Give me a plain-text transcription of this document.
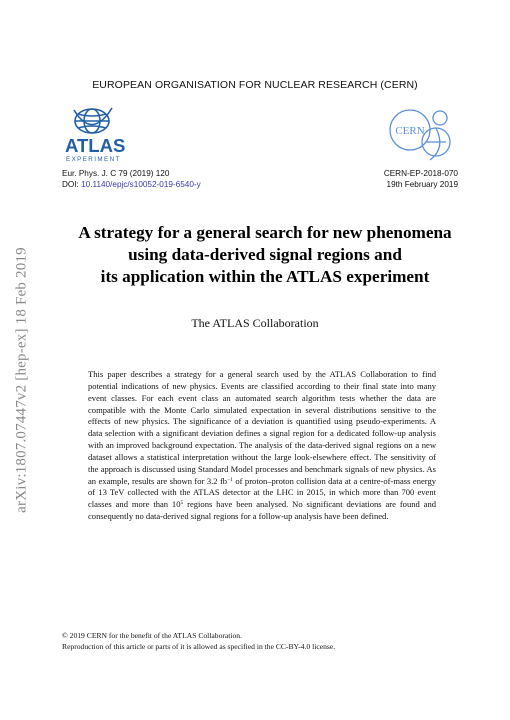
EUROPEAN ORGANISATION FOR NUCLEAR RESEARCH (CERN)
ATLAS
EXPERIMENT
CERN
Eur. Phys. J. C 79 (2019) 120
DOI: 10.1140/epjc/s10052-019-6540-y
CERN-EP-2018-070
19th February 2019
A strategy for a general search for new phenomena
using data-derived signal regions and
its application within the ATLAS experiment
The ATLAS Collaboration
This paper describes a strategy for a general search used by the ATLAS Collaboration to find potential indications of new physics. Events are classified according to their final state into many event classes. For each event class an automated search algorithm tests whether the data are compatible with the Monte Carlo simulated expectation in several distributions sensitive to the effects of new physics. The significance of a deviation is quantified using pseudo-experiments. A data selection with a significant deviation defines a signal region for a dedicated follow-up analysis with an improved background expectation. The analysis of the data-derived signal regions on a new dataset allows a statistical interpretation without the large look-elsewhere effect. The sensitivity of the approach is discussed using Standard Model processes and benchmark signals of new physics. As an example, results are shown for 3.2 $fb^{-1}$ of proton–proton collision data at a centre-of-mass energy of 13 TeV collected with the ATLAS detector at the LHC in 2015, in which more than 700 event classes and more than $10^5$ regions have been analysed. No significant deviations are found and consequently no data-derived signal regions for a follow-up analysis have been defined.
© 2019 CERN for the benefit of the ATLAS Collaboration.
Reproduction of this article or parts of it is allowed as specified in the CC-BY-4.0 license.
arXiv:1807.07447v2 [hep-ex] 18 Feb 2019
